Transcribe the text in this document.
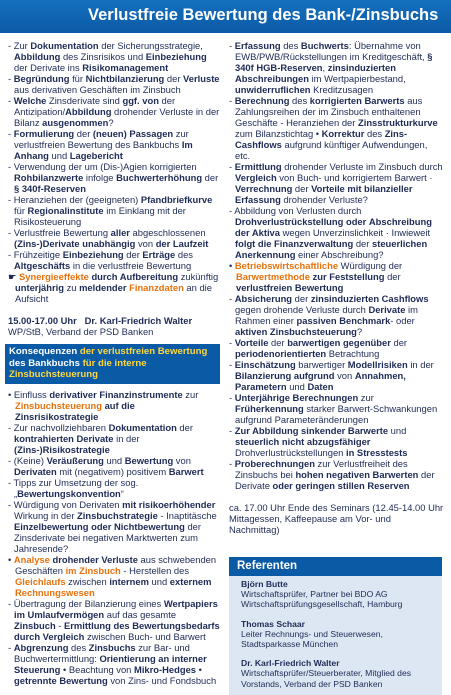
Verlustfreie Bewertung des Bank-/Zinsbuchs
- Zur Dokumentation der Sicherungsstrategie, Abbildung des Zinsrisikos und Einbeziehung der Derivate ins Risikomanagement
- Begründung für Nichtbilanzierung der Verluste aus derivativen Geschäften im Zinsbuch
- Welche Zinsderivate sind ggf. von der Antizipation/Abbildung drohender Verluste in der Bilanz ausgenommen?
- Formulierung der (neuen) Passagen zur verlustfreien Bewertung des Bankbuchs Im Anhang und Lagebericht
- Verwendung der um (Dis-)Agien korrigierten Rohbilanzwerte infolge Buchwerterhöhung der § 340f-Reserven
- Heranziehen der (geeigneten) Pfandbriefkurve für Regionalinstitute im Einklang mit der Risikosteuerung
- Verlustfreie Bewertung aller abgeschlossenen (Zins-)Derivate unabhängig von der Laufzeit
- Frühzeitige Einbeziehung der Erträge des Altgeschäfts in die verlustfreie Bewertung
☛ Synergieeffekte durch Aufbereitung zukünftig unterjährig zu meldender Finanzdaten an die Aufsicht
15.00-17.00 Uhr Dr. Karl-Friedrich Walter
WP/StB, Verband der PSD Banken
Konsequenzen der verlustfreien Bewertung
des Bankbuchs für die interne Zinsbuchsteuerung
• Einfluss derivativer Finanzinstrumente zur Zinsbuchsteuerung auf die Zinsrisikostrategie
- Zur nachvollziehbaren Dokumentation der kontrahierten Derivate in der (Zins-)Risikostrategie
- (Keine) Veräußerung und Bewertung von Derivaten mit (negativem) positivem Barwert
- Tipps zur Umsetzung der sog. „Bewertungskonvention“
- Würdigung von Derivaten mit risikoerhöhender Wirkung in der Zinsbuchstrategie - Inaptitäsche Einzelbewertung oder Nichtbewertung der Zinsderivate bei negativen Marktwerten zum Jahresende?
• Analyse drohender Verluste aus schwebenden Geschäften im Zinsbuch - Herstellen des Gleichlaufs zwischen internem und externem Rechnungswesen
- Übertragung der Bilanzierung eines Wertpapiers im Umlaufvermögen auf das gesamte Zinsbuch - Ermittlung des Bewertungsbedarfs durch Vergleich zwischen Buch- und Barwert
- Abgrenzung des Zinsbuchs zur Bar- und Buchwertermittlung: Orientierung an interner Steuerung • Beachtung von Mikro-Hedges • getrennte Bewertung von Zins- und Fondsbuch
- Erfassung des Buchwerts: Übernahme von EWB/PWB/Rückstellungen im Kreditgeschäft, § 340f HGB-Reserven, zinsinduzierten Abschreibungen im Wertpapierbestand, unwiderruflichen Kreditzusagen
- Berechnung des korrigierten Barwerts aus Zahlungsreihen der im Zinsbuch enthaltenen Geschäfte - Heranziehen der Zinsstrukturkurve zum Bilanzstichtag • Korrektur des Zins-Cashflows aufgrund künftiger Aufwendungen, etc.
- Ermittlung drohender Verluste im Zinsbuch durch Vergleich von Buch- und korrigiertem Barwert · Verrechnung der Vorteile mit bilanzieller Erfassung drohender Verluste?
- Abbildung von Verlusten durch Drohverlustrückstellung oder Abschreibung der Aktiva wegen Unverzinslichkeit · Inwieweit folgt die Finanzverwaltung der steuerlichen Anerkennung einer Abschreibung?
• Betriebswirtschaftliche Würdigung der Barwertmethode zur Feststellung der verlustfreien Bewertung
- Absicherung der zinsinduzierten Cashflows gegen drohende Verluste durch Derivate im Rahmen einer passiven Benchmark- oder aktiven Zinsbuchsteuerung?
- Vorteile der barwertigen gegenüber der periodenorientierten Betrachtung
- Einschätzung barwertiger Modellrisiken in der Bilanzierung aufgrund von Annahmen, Parametern und Daten
- Unterjährige Berechnungen zur Früherkennung starker Barwert-Schwankungen aufgrund Parameteränderungen
- Zur Abbildung sinkender Barwerte und steuerlich nicht abzugsfähiger Drohverlustrückstellungen in Stresstests
- Proberechnungen zur Verlustfreiheit des Zinsbuchs bei hohen negativen Barwerten der Derivate oder geringen stillen Reserven
ca. 17.00 Uhr Ende des Seminars (12.45-14.00 Uhr Mittagessen, Kaffeepause am Vor- und Nachmittag)
Referenten
Björn Butte
Wirtschaftsprüfer, Partner bei BDO AG Wirtschaftsprüfungsgesellschaft, Hamburg
Thomas Schaar
Leiter Rechnungs- und Steuerwesen, Stadtsparkasse München
Dr. Karl-Friedrich Walter
Wirtschaftsprüfer/Steuerberater, Mitglied des Vorstands, Verband der PSD Banken
